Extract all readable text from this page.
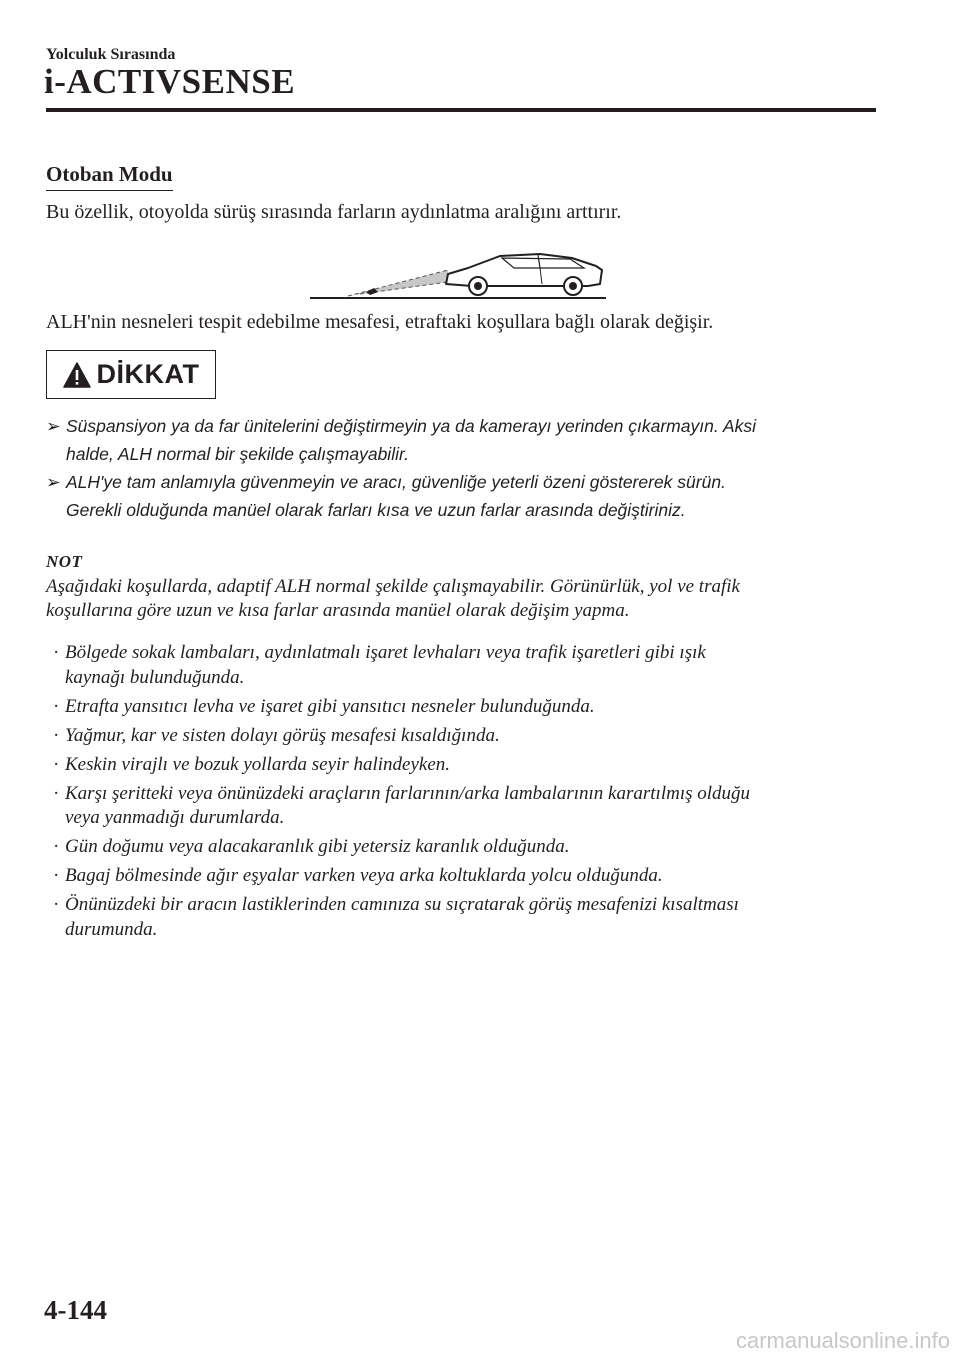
Yolculuk Sırasında
i-ACTIVSENSE
Otoban Modu
Bu özellik, otoyolda sürüş sırasında farların aydınlatma aralığını arttırır.
ALH'nin nesneleri tespit edebilme mesafesi, etraftaki koşullara bağlı olarak değişir.
DİKKAT
➢ Süspansiyon ya da far ünitelerini değiştirmeyin ya da kamerayı yerinden çıkarmayın. Aksi
halde, ALH normal bir şekilde çalışmayabilir.
➢ ALH'ye tam anlamıyla güvenmeyin ve aracı, güvenliğe yeterli özeni göstererek sürün.
Gerekli olduğunda manüel olarak farları kısa ve uzun farlar arasında değiştiriniz.
NOT
Aşağıdaki koşullarda, adaptif ALH normal şekilde çalışmayabilir. Görünürlük, yol ve trafik
koşullarına göre uzun ve kısa farlar arasında manüel olarak değişim yapma.
· Bölgede sokak lambaları, aydınlatmalı işaret levhaları veya trafik işaretleri gibi ışık
kaynağı bulunduğunda.
· Etrafta yansıtıcı levha ve işaret gibi yansıtıcı nesneler bulunduğunda.
· Yağmur, kar ve sisten dolayı görüş mesafesi kısaldığında.
· Keskin virajlı ve bozuk yollarda seyir halindeyken.
· Karşı şeritteki veya önünüzdeki araçların farlarının/arka lambalarının karartılmış olduğu
veya yanmadığı durumlarda.
· Gün doğumu veya alacakaranlık gibi yetersiz karanlık olduğunda.
· Bagaj bölmesinde ağır eşyalar varken veya arka koltuklarda yolcu olduğunda.
· Önünüzdeki bir aracın lastiklerinden camınıza su sıçratarak görüş mesafenizi kısaltması
durumunda.
4-144
carmanualsonline.info
